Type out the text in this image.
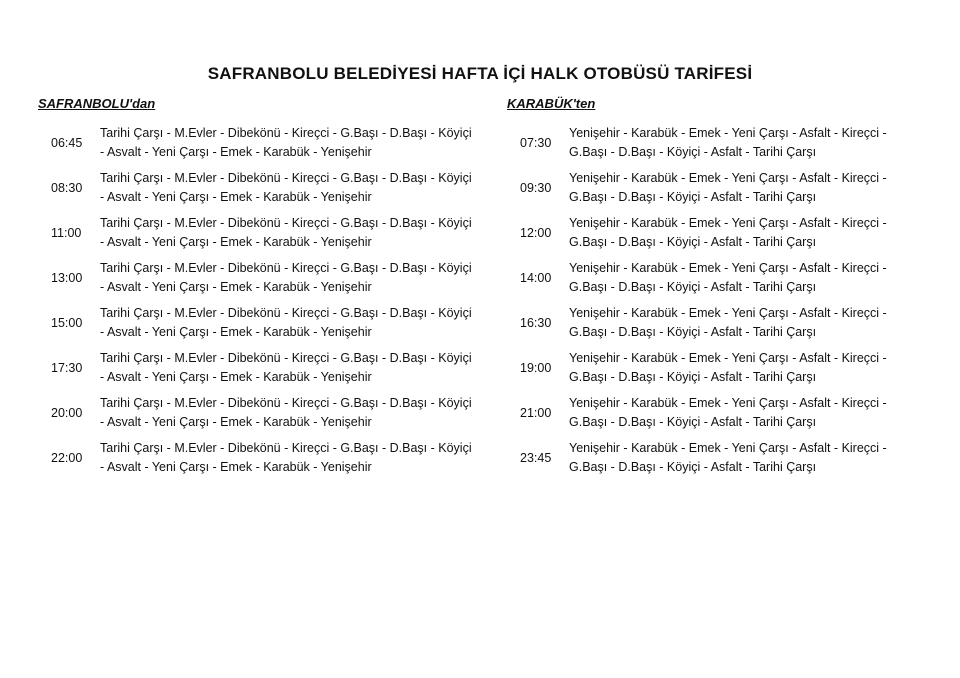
SAFRANBOLU BELEDİYESİ HAFTA İÇİ HALK OTOBÜSÜ TARİFESİ
SAFRANBOLU'dan	KARABÜK'ten
06:45
Tarihi Çarşı - M.Evler - Dibekönü - Kireçci - G.Başı - D.Başı - Köyiçi - Asvalt - Yeni Çarşı - Emek - Karabük - Yenişehir
08:30
Tarihi Çarşı - M.Evler - Dibekönü - Kireçci - G.Başı - D.Başı - Köyiçi - Asvalt - Yeni Çarşı - Emek - Karabük - Yenişehir
11:00
Tarihi Çarşı - M.Evler - Dibekönü - Kireçci - G.Başı - D.Başı - Köyiçi - Asvalt - Yeni Çarşı - Emek - Karabük - Yenişehir
13:00
Tarihi Çarşı - M.Evler - Dibekönü - Kireçci - G.Başı - D.Başı - Köyiçi - Asvalt - Yeni Çarşı - Emek - Karabük - Yenişehir
15:00
Tarihi Çarşı - M.Evler - Dibekönü - Kireçci - G.Başı - D.Başı - Köyiçi - Asvalt - Yeni Çarşı - Emek - Karabük - Yenişehir
17:30
Tarihi Çarşı - M.Evler - Dibekönü - Kireçci - G.Başı - D.Başı - Köyiçi - Asvalt - Yeni Çarşı - Emek - Karabük - Yenişehir
20:00
Tarihi Çarşı - M.Evler - Dibekönü - Kireçci - G.Başı - D.Başı - Köyiçi - Asvalt - Yeni Çarşı - Emek - Karabük - Yenişehir
22:00
Tarihi Çarşı - M.Evler - Dibekönü - Kireçci - G.Başı - D.Başı - Köyiçi - Asvalt - Yeni Çarşı - Emek - Karabük - Yenişehir
07:30
Yenişehir - Karabük - Emek - Yeni Çarşı - Asfalt - Kireçci - G.Başı - D.Başı - Köyiçi - Asfalt - Tarihi Çarşı
09:30
Yenişehir - Karabük - Emek - Yeni Çarşı - Asfalt - Kireçci - G.Başı - D.Başı - Köyiçi - Asfalt - Tarihi Çarşı
12:00
Yenişehir - Karabük - Emek - Yeni Çarşı - Asfalt - Kireçci - G.Başı - D.Başı - Köyiçi - Asfalt - Tarihi Çarşı
14:00
Yenişehir - Karabük - Emek - Yeni Çarşı - Asfalt - Kireçci - G.Başı - D.Başı - Köyiçi - Asfalt - Tarihi Çarşı
16:30
Yenişehir - Karabük - Emek - Yeni Çarşı - Asfalt - Kireçci - G.Başı - D.Başı - Köyiçi - Asfalt - Tarihi Çarşı
19:00
Yenişehir - Karabük - Emek - Yeni Çarşı - Asfalt - Kireçci - G.Başı - D.Başı - Köyiçi - Asfalt - Tarihi Çarşı
21:00
Yenişehir - Karabük - Emek - Yeni Çarşı - Asfalt - Kireçci - G.Başı - D.Başı - Köyiçi - Asfalt - Tarihi Çarşı
23:45
Yenişehir - Karabük - Emek - Yeni Çarşı - Asfalt - Kireçci - G.Başı - D.Başı - Köyiçi - Asfalt - Tarihi Çarşı
